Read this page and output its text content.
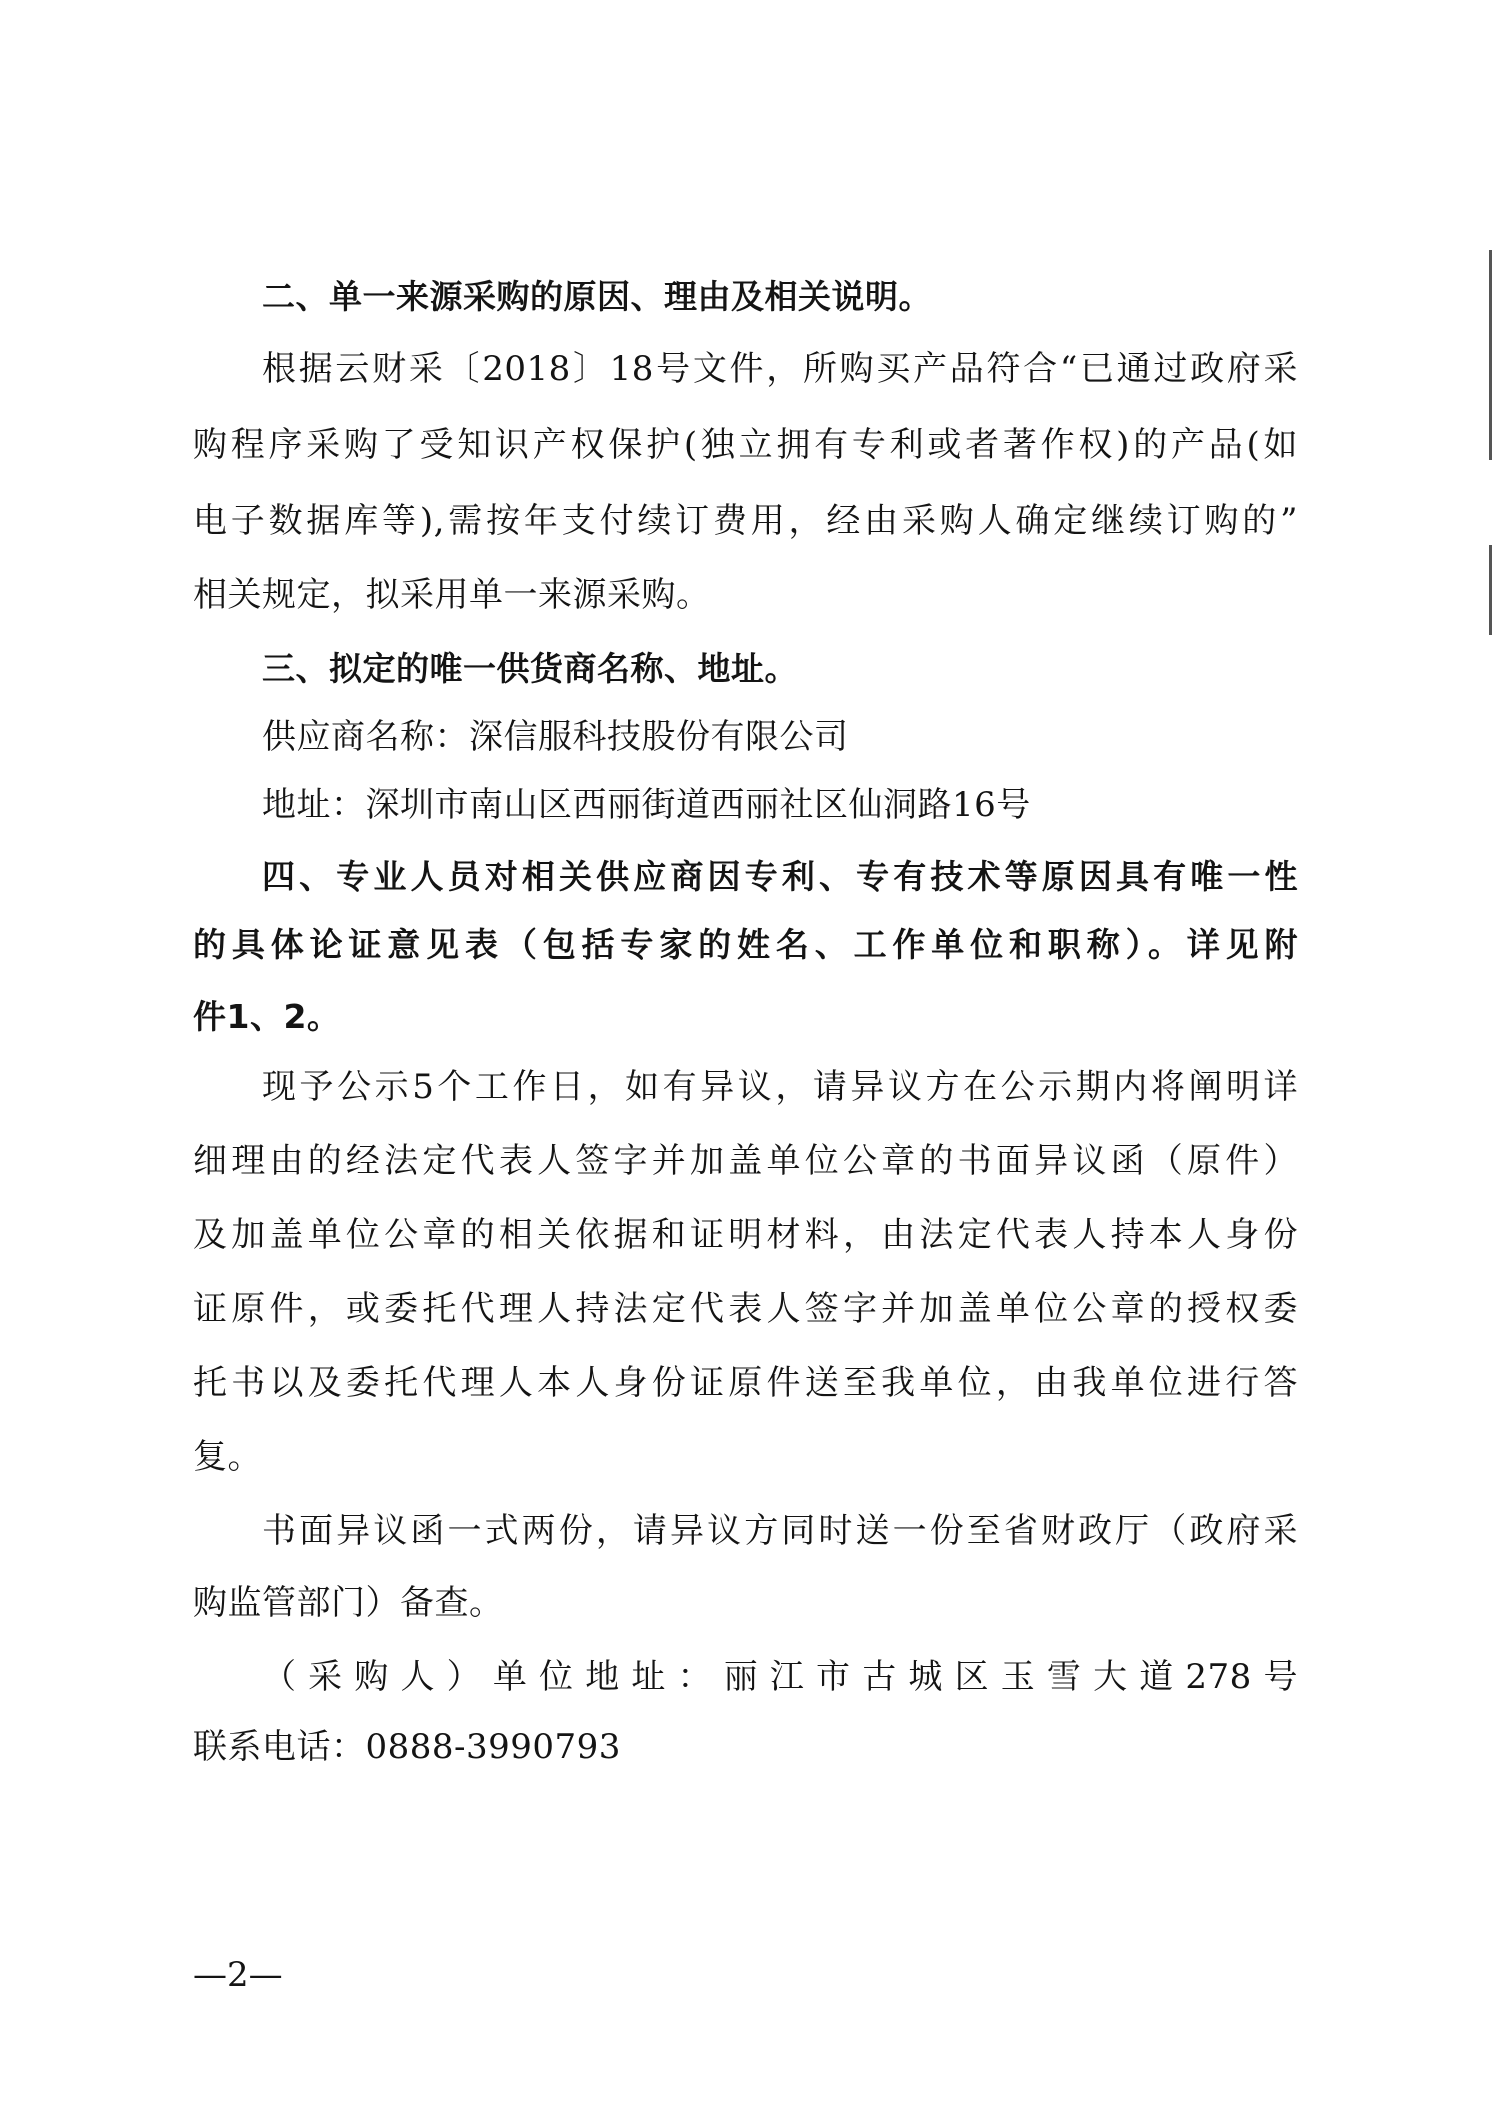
二、单一来源采购的原因、理由及相关说明。
根据云财采〔2018〕18号文件，所购买产品符合“已通过政府采
购程序采购了受知识产权保护(独立拥有专利或者著作权)的产品(如
电子数据库等),需按年支付续订费用，经由采购人确定继续订购的”
相关规定，拟采用单一来源采购。
三、拟定的唯一供货商名称、地址。
供应商名称：深信服科技股份有限公司
地址：深圳市南山区西丽街道西丽社区仙洞路16号
四、专业人员对相关供应商因专利、专有技术等原因具有唯一性
的具体论证意见表（包括专家的姓名、工作单位和职称）。详见附
件1、2。
现予公示5个工作日，如有异议，请异议方在公示期内将阐明详
细理由的经法定代表人签字并加盖单位公章的书面异议函（原件）
及加盖单位公章的相关依据和证明材料，由法定代表人持本人身份
证原件，或委托代理人持法定代表人签字并加盖单位公章的授权委
托书以及委托代理人本人身份证原件送至我单位，由我单位进行答
复。
书面异议函一式两份，请异议方同时送一份至省财政厅（政府采
购监管部门）备查。
（采购人）单位地址：丽江市古城区玉雪大道278号
联系电话：0888-3990793
—2—
